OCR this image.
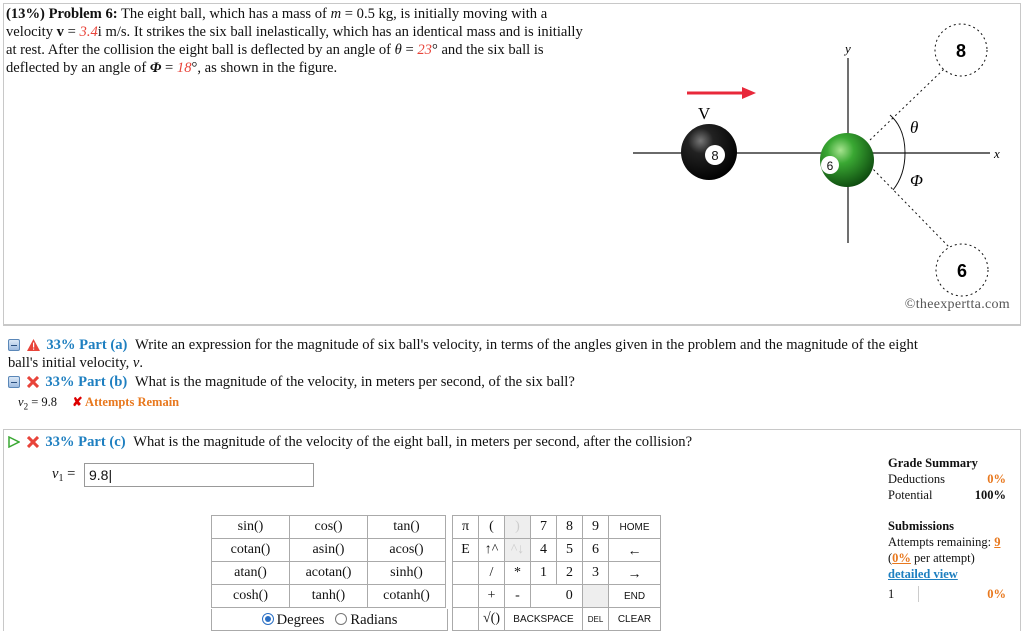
(13%) Problem 6: The eight ball, which has a mass of m = 0.5 kg, is initially moving with a
velocity v = 3.4i m/s. It strikes the six ball inelastically, which has an identical mass and is initially
at rest. After the collision the eight ball is deflected by an angle of θ = 23° and the six ball is
deflected by an angle of Φ = 18°, as shown in the figure.
V
y
x
θ
Φ
8
6
8
6
©theexpertta.com
33% Part (a) Write an expression for the magnitude of six ball's velocity, in terms of the angles given in the problem and the magnitude of the eight
ball's initial velocity, v.
33% Part (b) What is the magnitude of the velocity, in meters per second, of the six ball?
$v_2 = 9.8$ ✘ Attempts Remain
33% Part (c) What is the magnitude of the velocity of the eight ball, in meters per second, after the collision?
$v_1 = 9.8|$
sin()	cos()	tan()
cotan()	asin()	acos()
atan()	acotan()	sinh()
cosh()	tanh()	cotanh()
Degrees Radians
π	(	)	7	8	9	HOME
E	↑^	^↓	4	5	6	←
	/	*	1	2	3	→
	+	-		0		END
	√()	BACKSPACE			DEL	CLEAR
Grade Summary
Deductions	0%
Potential	100%
Submissions
Attempts remaining: 9
(0% per attempt)
detailed view
1	0%
